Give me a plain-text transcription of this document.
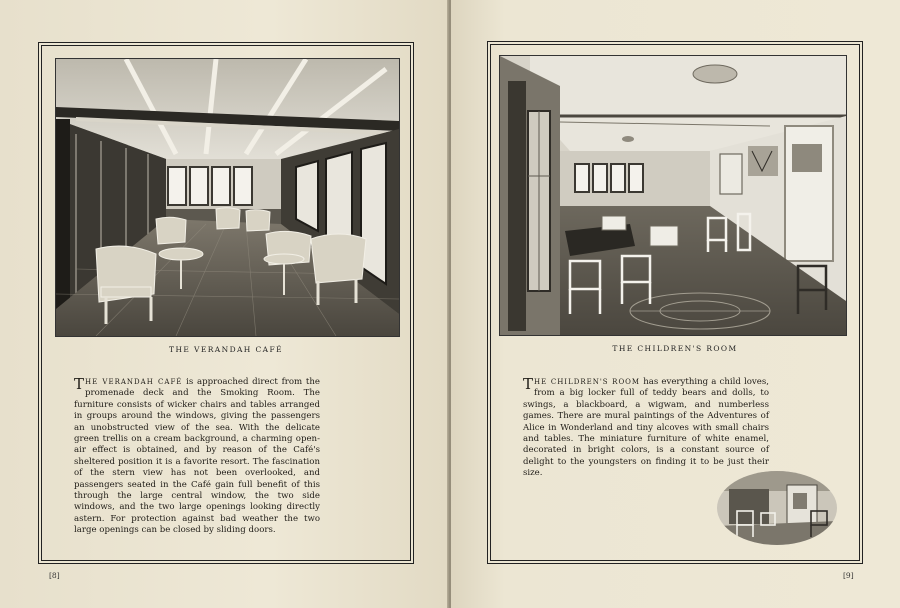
THE VERANDAH CAFÉ
THE VERANDAH CAFÉ is approached direct from the promenade deck and the Smoking Room. The furniture consists of wicker chairs and tables arranged in groups around the windows, giving the passengers an unobstructed view of the sea. With the delicate green trellis on a cream background, a charming open-air effect is obtained, and by reason of the Café's sheltered position it is a favorite resort. The fascination of the stern view has not been overlooked, and passengers seated in the Café gain full benefit of this through the large central window, the two side windows, and the two large openings looking directly astern. For protection against bad weather the two large openings can be closed by sliding doors.
[8]
THE CHILDREN'S ROOM
THE CHILDREN'S ROOM has everything a child loves, from a big locker full of teddy bears and dolls, to swings, a blackboard, a wigwam, and numberless games. There are mural paintings of the Adventures of Alice in Wonderland and tiny alcoves with small chairs and tables. The miniature furniture of white enamel, decorated in bright colors, is a constant source of delight to the youngsters on finding it to be just their size.
[9]
